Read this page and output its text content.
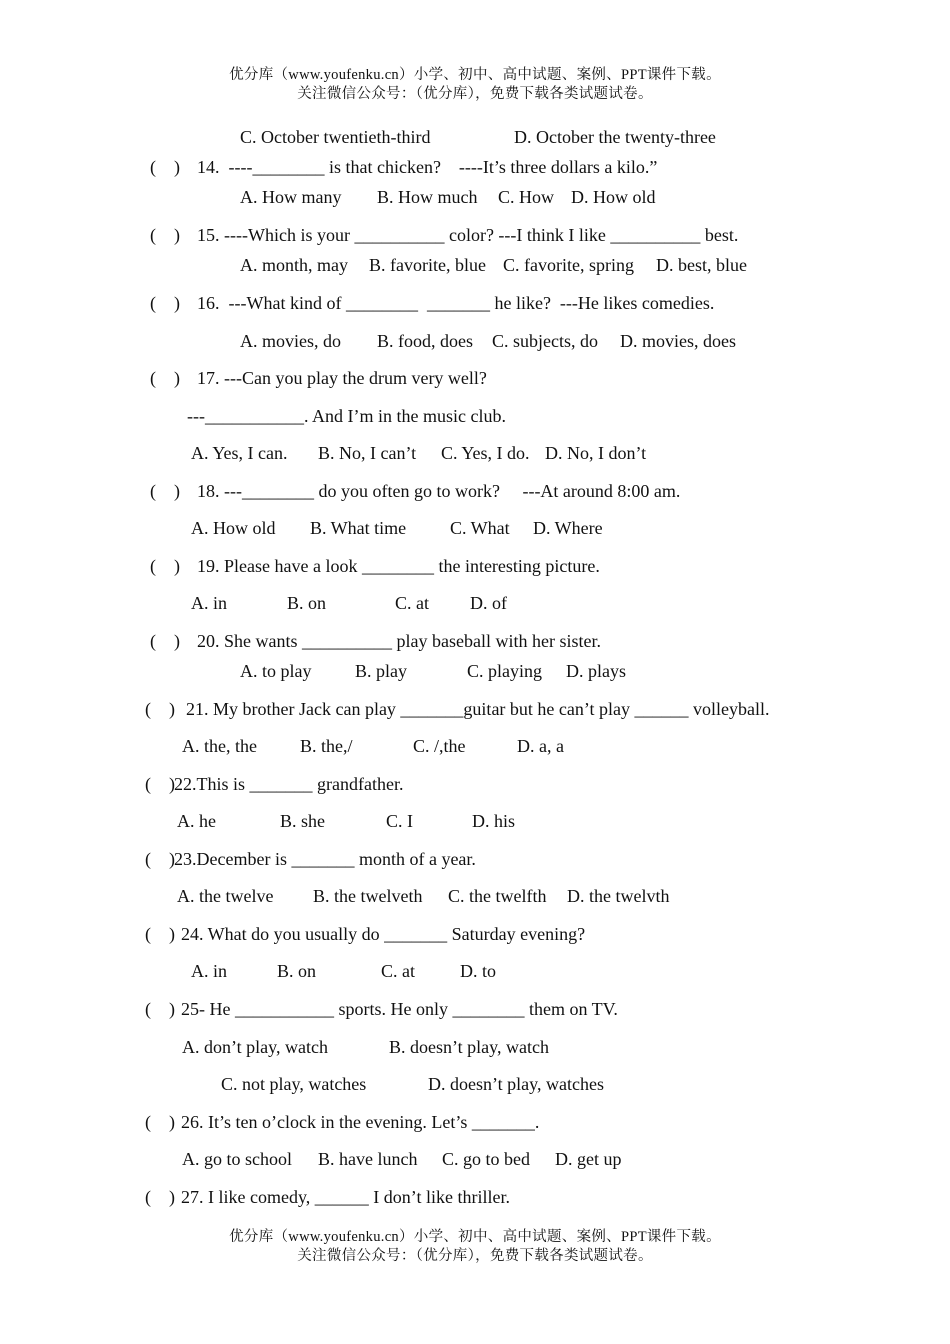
优分库（www.youfenku.cn）小学、初中、高中试题、案例、PPT课件下载。
关注微信公众号：（优分库），免费下载各类试题试卷。
C. October twentieth-third	D. October the twenty-three
(    ) 14.  ----________ is that chicken?    ----It’s three dollars a kilo.”
A. How many B. How much C. How D. How old
(    ) 15. ----Which is your __________ color? ---I think I like __________ best.
A. month, may B. favorite, blue C. favorite, spring D. best, blue
(    ) 16.  ---What kind of ________  _______ he like?  ---He likes comedies.
A. movies, do B. food, does C. subjects, do D. movies, does
(    ) 17. ---Can you play the drum very well?
---___________. And I’m in the music club.
A. Yes, I can. B. No, I can’t C. Yes, I do. D. No, I don’t
(    ) 18. ---________ do you often go to work?     ---At around 8:00 am.
A. How old B. What time C. What D. Where
(    ) 19. Please have a look ________ the interesting picture.
A. in	B. on	C. at D. of
(    ) 20. She wants __________ play baseball with her sister.
A. to play B. play	C. playing D. plays
(    ) 21. My brother Jack can play _______guitar but he can’t play ______ volleyball.
A. the, the B. the,/	C. /,the	D. a, a
(    ) 22.This is _______ grandfather.
A. he	B. she	C. I	D. his
(    ) 23.December is _______ month of a year.
A. the twelve B. the twelveth C. the twelfth D. the twelvth
(    ) 24. What do you usually do _______ Saturday evening?
A. in	B. on	C. at	D. to
(    ) 25- He ___________ sports. He only ________ them on TV.
A. don’t play, watch	B. doesn’t play, watch
C. not play, watches	D. doesn’t play, watches
(    ) 26. It’s ten o’clock in the evening. Let’s _______.
A. go to school B. have lunch C. go to bed D. get up
(    ) 27. I like comedy, ______ I don’t like thriller.
优分库（www.youfenku.cn）小学、初中、高中试题、案例、PPT课件下载。
关注微信公众号：（优分库），免费下载各类试题试卷。
